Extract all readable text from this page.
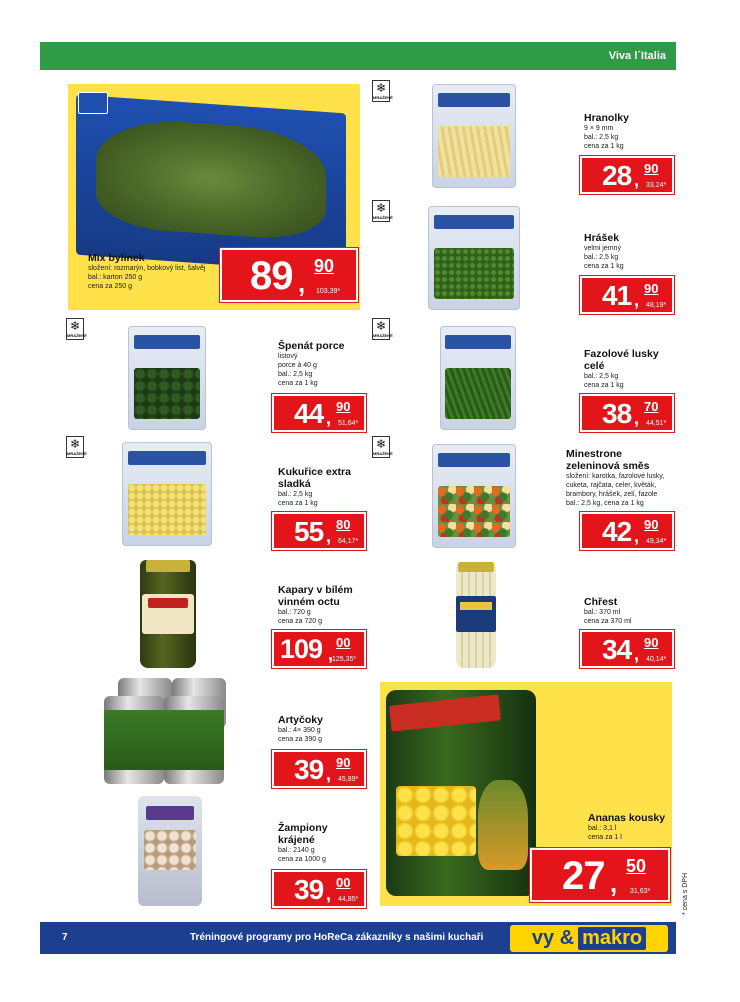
Viva l´Italia
Mix bylinek
složení: rozmarýn, bobkový list, šalvěj
bal.: karton 250 g
cena za 250 g	89 ,
90
103,39*
❄
MRAŽENÉ
Hranolky
9 × 9 mm
bal.: 2,5 kg
cena za 1 kg
28 ,
90
33,24*
❄
MRAŽENÉ
Hrášek
velmi jemný
bal.: 2,5 kg
cena za 1 kg
41 ,
90
48,19*
❄
MRAŽENÉ
Špenát porce
listový
porce à 40 g
bal.: 2,5 kg
cena za 1 kg
44 ,
90
51,64*
❄
MRAŽENÉ
Fazolové lusky celé
bal.: 2,5 kg
cena za 1 kg
38 ,
70
44,51*
❄
MRAŽENÉ
Kukuřice extra sladká
bal.: 2,5 kg
cena za 1 kg
55 ,
80
64,17*
❄
MRAŽENÉ	Minestrone zeleninová směs
složení: karotka, fazolové lusky,
cuketa, rajčata, celer, květák,
brambory, hrášek, zelí, fazole
bal.: 2,5 kg, cena za 1 kg
42 ,
90
49,34*
Kapary v bílém vinném octu
bal.: 720 g
cena za 720 g
109 ,
00
125,35*
Chřest
bal.: 370 ml
cena za 370 ml
34 ,
90
40,14*
Artyčoky
bal.: 4× 390 g
cena za 390 g
39 ,
90
45,89*
Žampiony krájené
bal.: 2140 g
cena za 1000 g
39 ,
00
44,85*
Ananas kousky
bal.: 3,1 l
cena za 1 l
27 ,
50
31,63*	* cena s DPH
7	Tréningové programy pro HoReCa zákazníky s našimi kuchaři vy & makro
